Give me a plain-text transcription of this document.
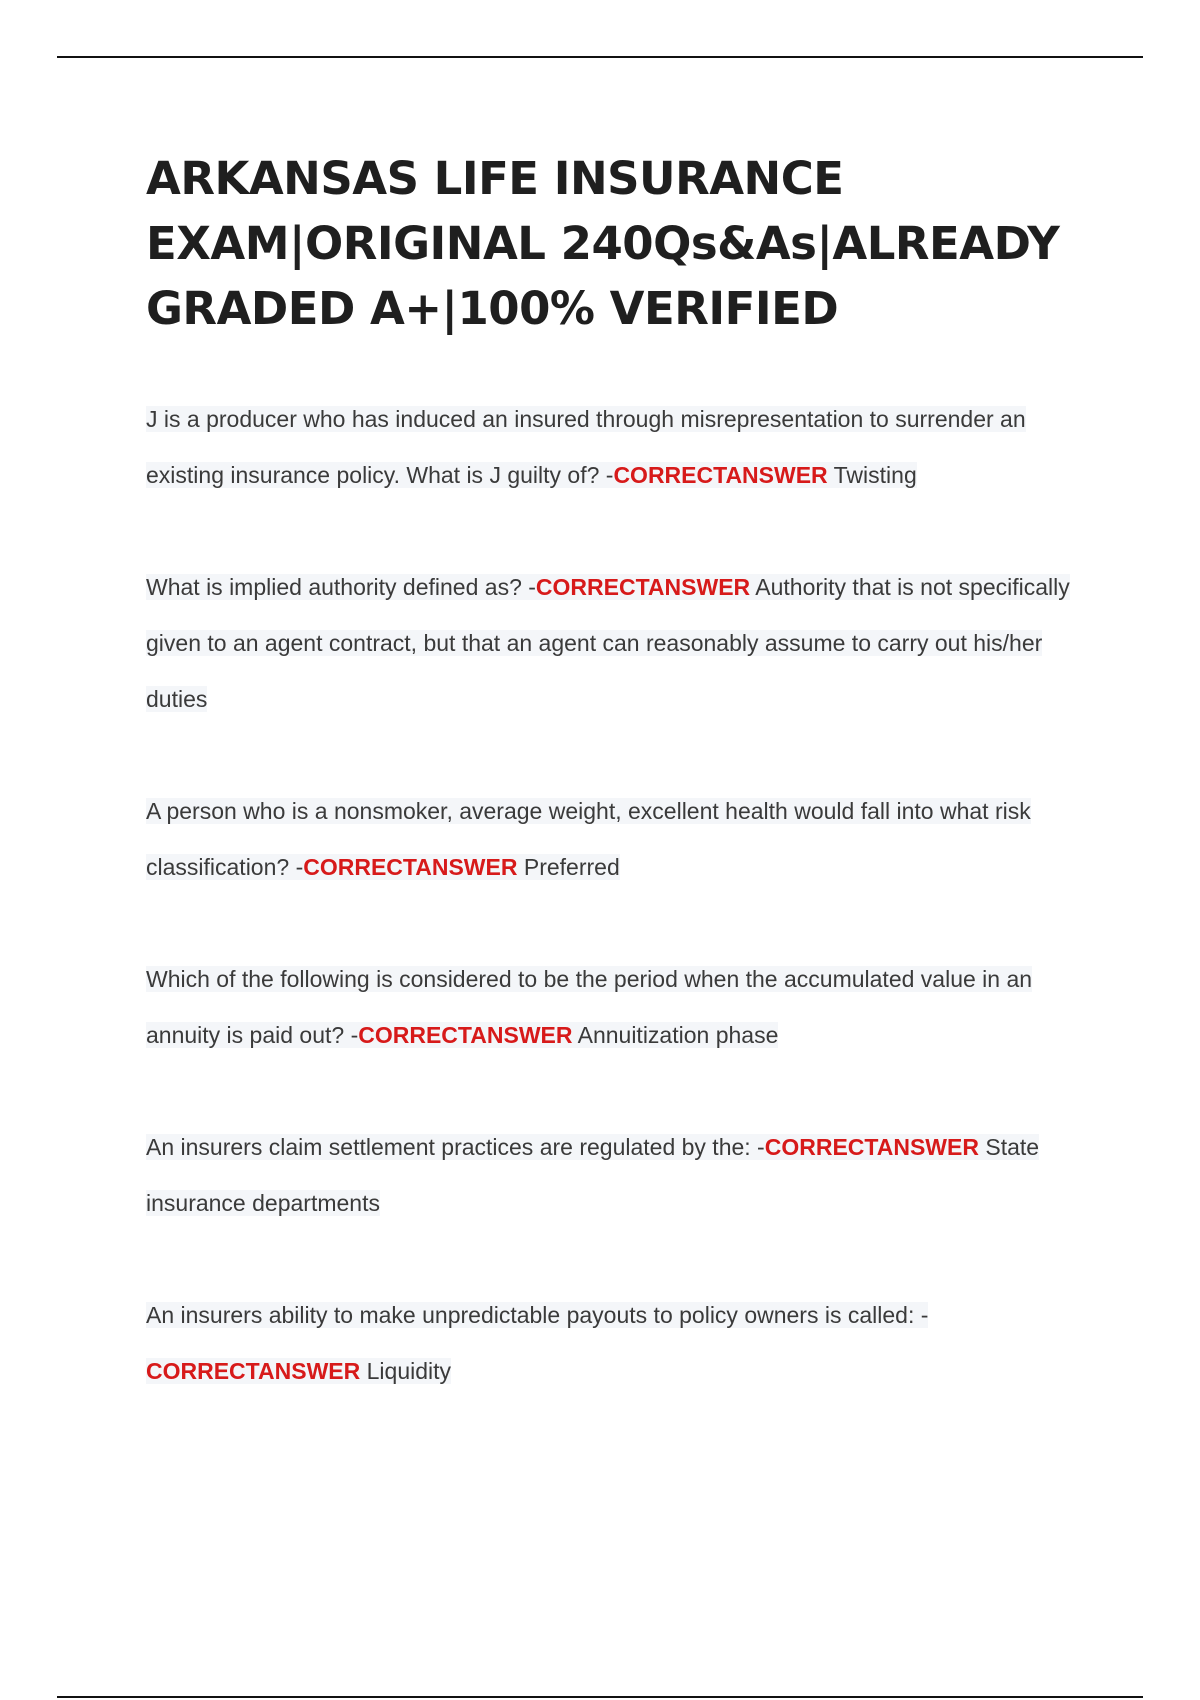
ARKANSAS LIFE INSURANCE EXAM|ORIGINAL 240Qs&As|ALREADY GRADED A+|100% VERIFIED
J is a producer who has induced an insured through misrepresentation to surrender an existing insurance policy. What is J guilty of? -CORRECTANSWER Twisting
What is implied authority defined as? -CORRECTANSWER Authority that is not specifically given to an agent contract, but that an agent can reasonably assume to carry out his/her duties
A person who is a nonsmoker, average weight, excellent health would fall into what risk classification? -CORRECTANSWER Preferred
Which of the following is considered to be the period when the accumulated value in an annuity is paid out? -CORRECTANSWER Annuitization phase
An insurers claim settlement practices are regulated by the: -CORRECTANSWER State insurance departments
An insurers ability to make unpredictable payouts to policy owners is called: -CORRECTANSWER Liquidity
